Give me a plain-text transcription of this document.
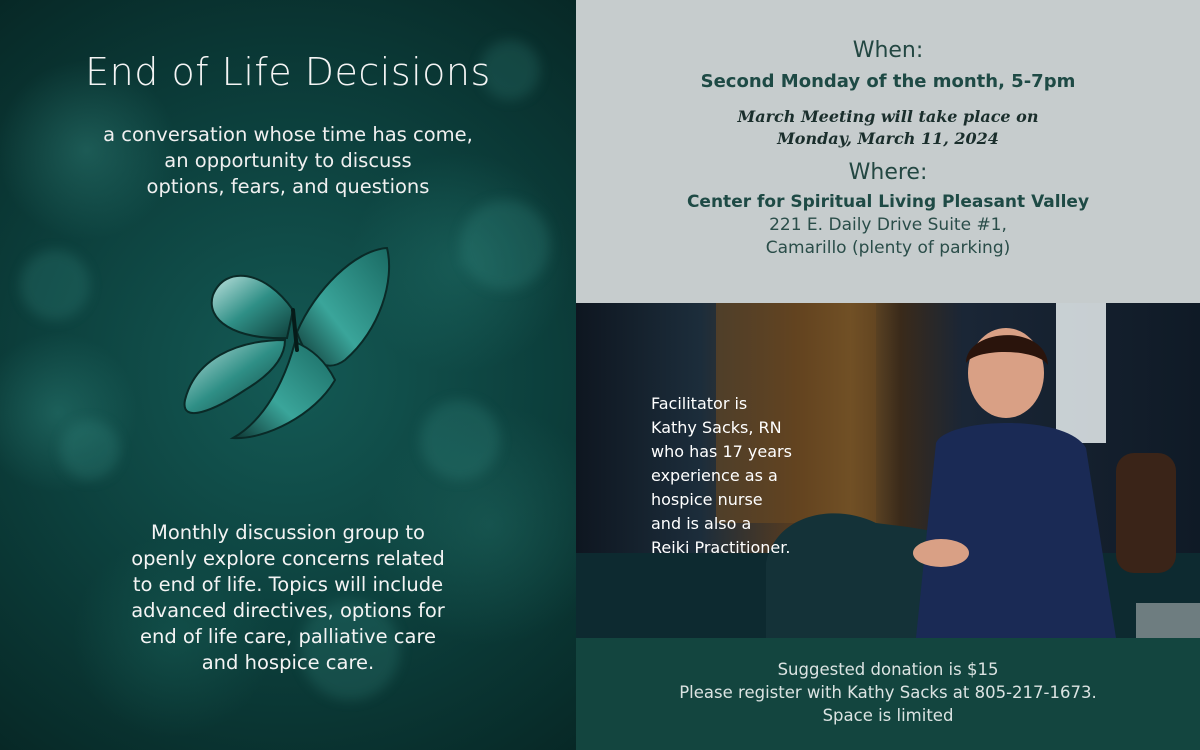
End of Life Decisions
a conversation whose time has come,
an opportunity to discuss
options, fears, and questions
Monthly discussion group to
openly explore concerns related
to end of life. Topics will include
advanced directives, options for
end of life care, palliative care
and hospice care.
When:
Second Monday of the month, 5-7pm
March Meeting will take place on
Monday, March 11, 2024
Where:
Center for Spiritual Living Pleasant Valley
221 E. Daily Drive Suite #1,
Camarillo (plenty of parking)
Facilitator is
Kathy Sacks, RN
who has 17 years
experience as a
hospice nurse
and is also a
Reiki Practitioner.
Suggested donation is $15
Please register with Kathy Sacks at 805-217-1673.
Space is limited
